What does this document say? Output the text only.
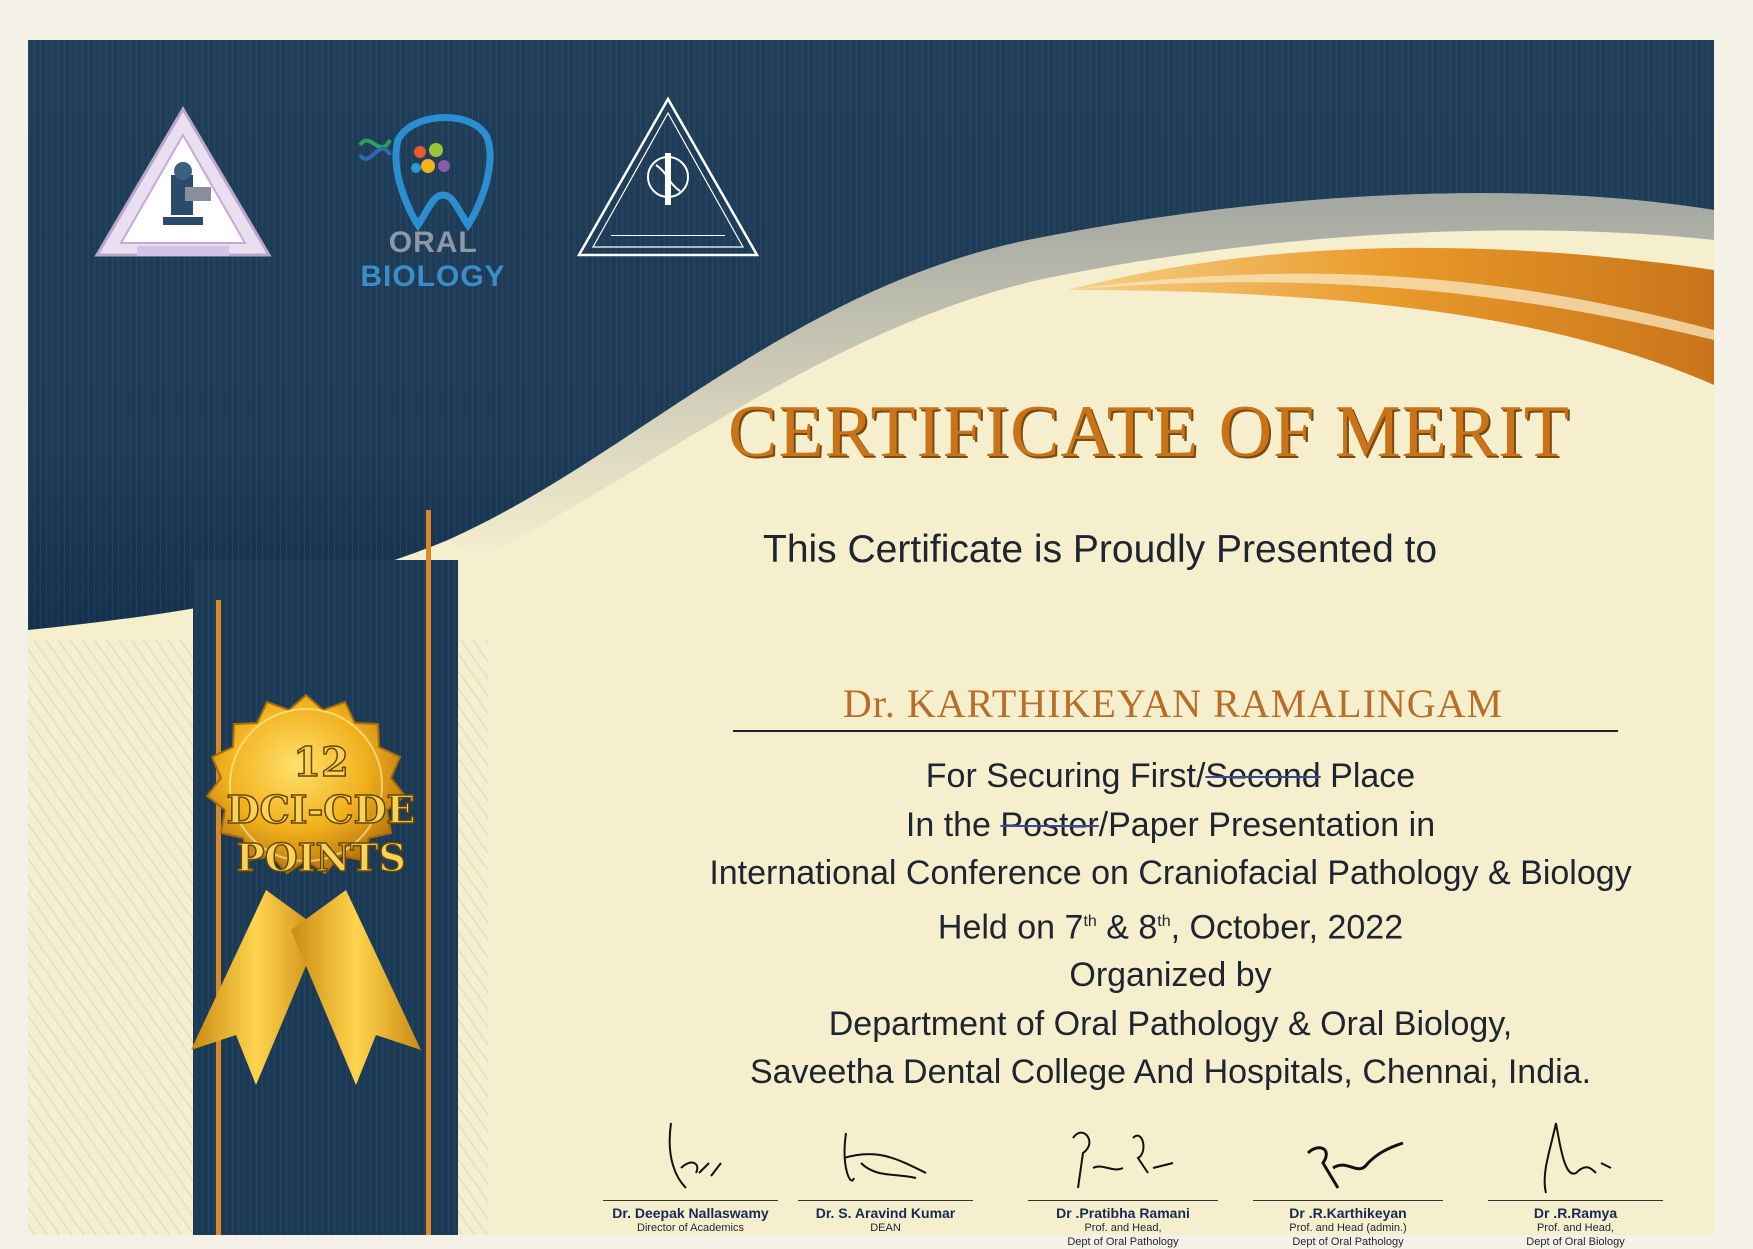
ORAL BIOLOGY
CERTIFICATE OF MERIT
This Certificate is Proudly Presented to
Dr. KARTHIKEYAN RAMALINGAM
For Securing First/Second Place
In the Poster/Paper Presentation in
International Conference on Craniofacial Pathology & Biology
Held on 7th & 8th, October, 2022
Organized by
Department of Oral Pathology & Oral Biology,
Saveetha Dental College And Hospitals, Chennai, India.
12
DCI-CDE
POINTS
Dr. Deepak Nallaswamy
Director of Academics
Dr. S. Aravind Kumar
DEAN
Dr .Pratibha Ramani
Prof. and Head,
Dept of Oral Pathology
Dr .R.Karthikeyan
Prof. and Head (admin.)
Dept of Oral Pathology
Dr .R.Ramya
Prof. and Head,
Dept of Oral Biology
